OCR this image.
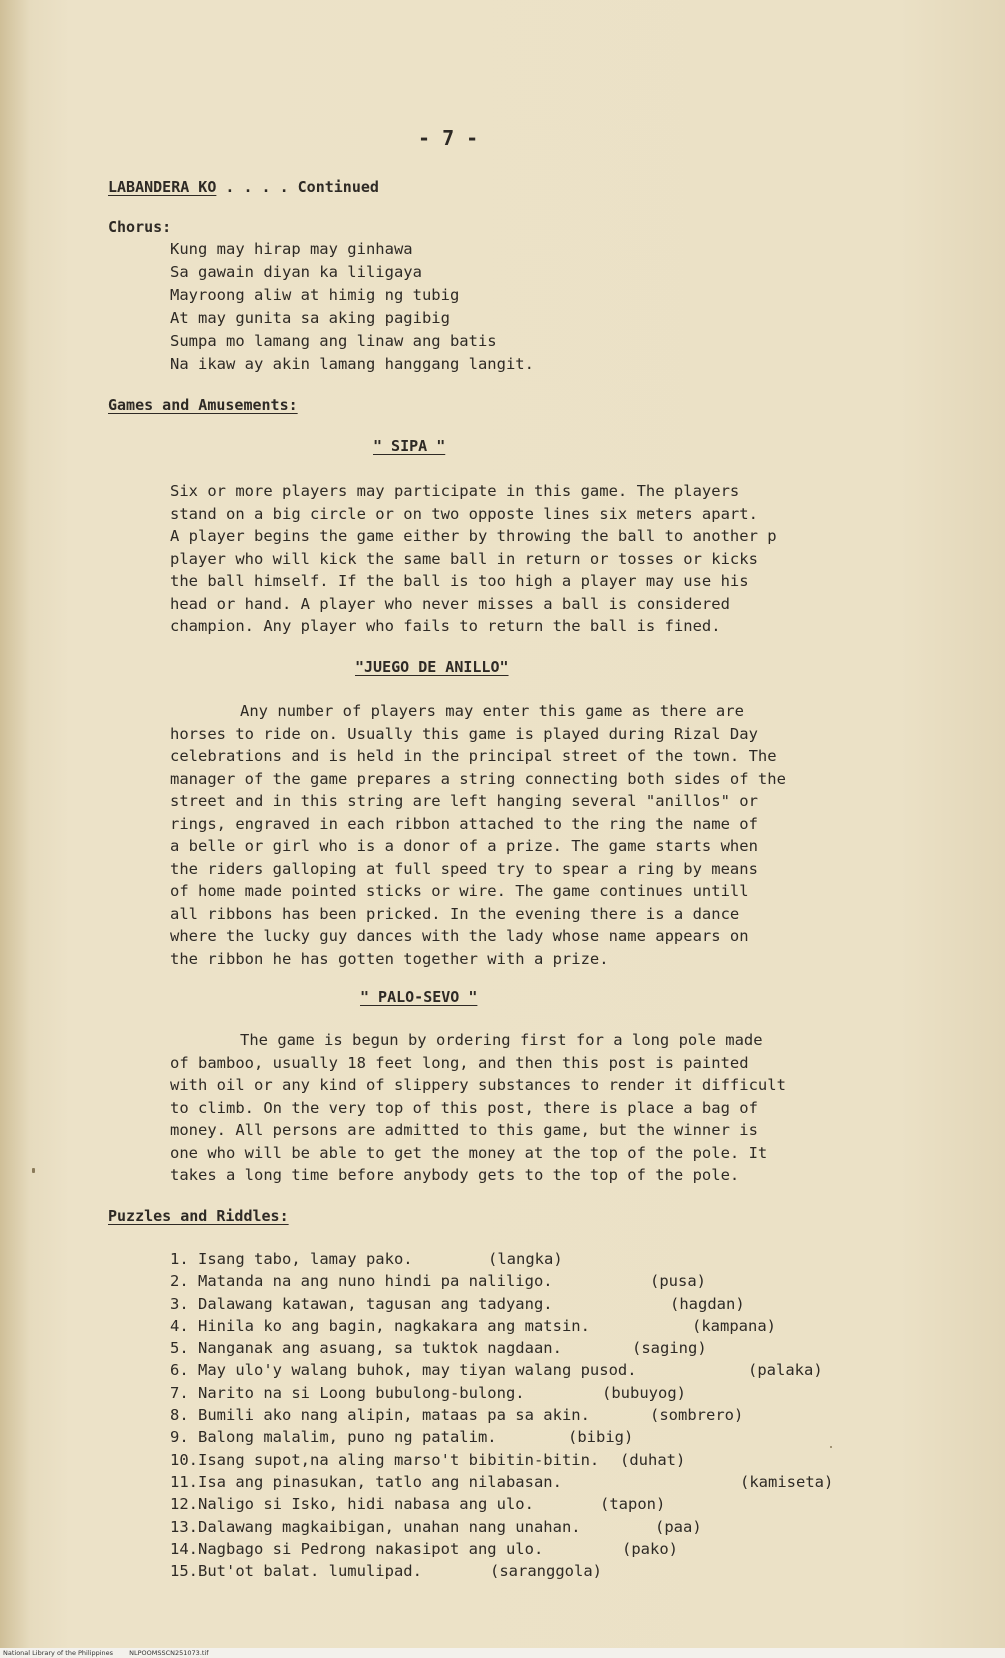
- 7 -
LABANDERA KO . . . . Continued
Chorus:
Kung may hirap may ginhawa
Sa gawain diyan ka liligaya
Mayroong aliw at himig ng tubig
At may gunita sa aking pagibig
Sumpa mo lamang ang linaw ang batis
Na ikaw ay akin lamang hanggang langit.
Games and Amusements:
" SIPA "
Six or more players may participate in this game. The players
stand on a big circle or on two opposte lines six meters apart.
A player begins the game either by throwing the ball to another p
player who will kick the same ball in return or tosses or kicks
the ball himself. If the ball is too high a player may use his
head or hand. A player who never misses a ball is considered
champion. Any player who fails to return the ball is fined.
"JUEGO DE ANILLO"
Any number of players may enter this game as there are
horses to ride on. Usually this game is played during Rizal Day
celebrations and is held in the principal street of the town. The
manager of the game prepares a string connecting both sides of the
street and in this string are left hanging several "anillos" or
rings, engraved in each ribbon attached to the ring the name of
a belle or girl who is a donor of a prize. The game starts when
the riders galloping at full speed try to spear a ring by means
of home made pointed sticks or wire. The game continues untill
all ribbons has been pricked. In the evening there is a dance
where the lucky guy dances with the lady whose name appears on
the ribbon he has gotten together with a prize.
" PALO-SEVO "
The game is begun by ordering first for a long pole made
of bamboo, usually 18 feet long, and then this post is painted
with oil or any kind of slippery substances to render it difficult
to climb. On the very top of this post, there is place a bag of
money. All persons are admitted to this game, but the winner is
one who will be able to get the money at the top of the pole. It
takes a long time before anybody gets to the top of the pole.
Puzzles and Riddles:
1. Isang tabo, lamay pako.	(langka)
2. Matanda na ang nuno hindi pa naliligo.	(pusa)
3. Dalawang katawan, tagusan ang tadyang.	(hagdan)
4. Hinila ko ang bagin, nagkakara ang matsin.	(kampana)
5. Nanganak ang asuang, sa tuktok nagdaan.	(saging)
6. May ulo'y walang buhok, may tiyan walang pusod.	(palaka)
7. Narito na si Loong bubulong-bulong.	(bubuyog)
8. Bumili ako nang alipin, mataas pa sa akin.	(sombrero)
9. Balong malalim, puno ng patalim.	(bibig)
10.Isang supot,na aling marso't bibitin-bitin. (duhat)
11.Isa ang pinasukan, tatlo ang nilabasan.	(kamiseta)
12.Naligo si Isko, hidi nabasa ang ulo.	(tapon)
13.Dalawang magkaibigan, unahan nang unahan.	(paa)
14.Nagbago si Pedrong nakasipot ang ulo.	(pako)
15.But'ot balat. lumulipad.	(saranggola)
National Library of the Philippines NLPOOMSSCN251073.tif
